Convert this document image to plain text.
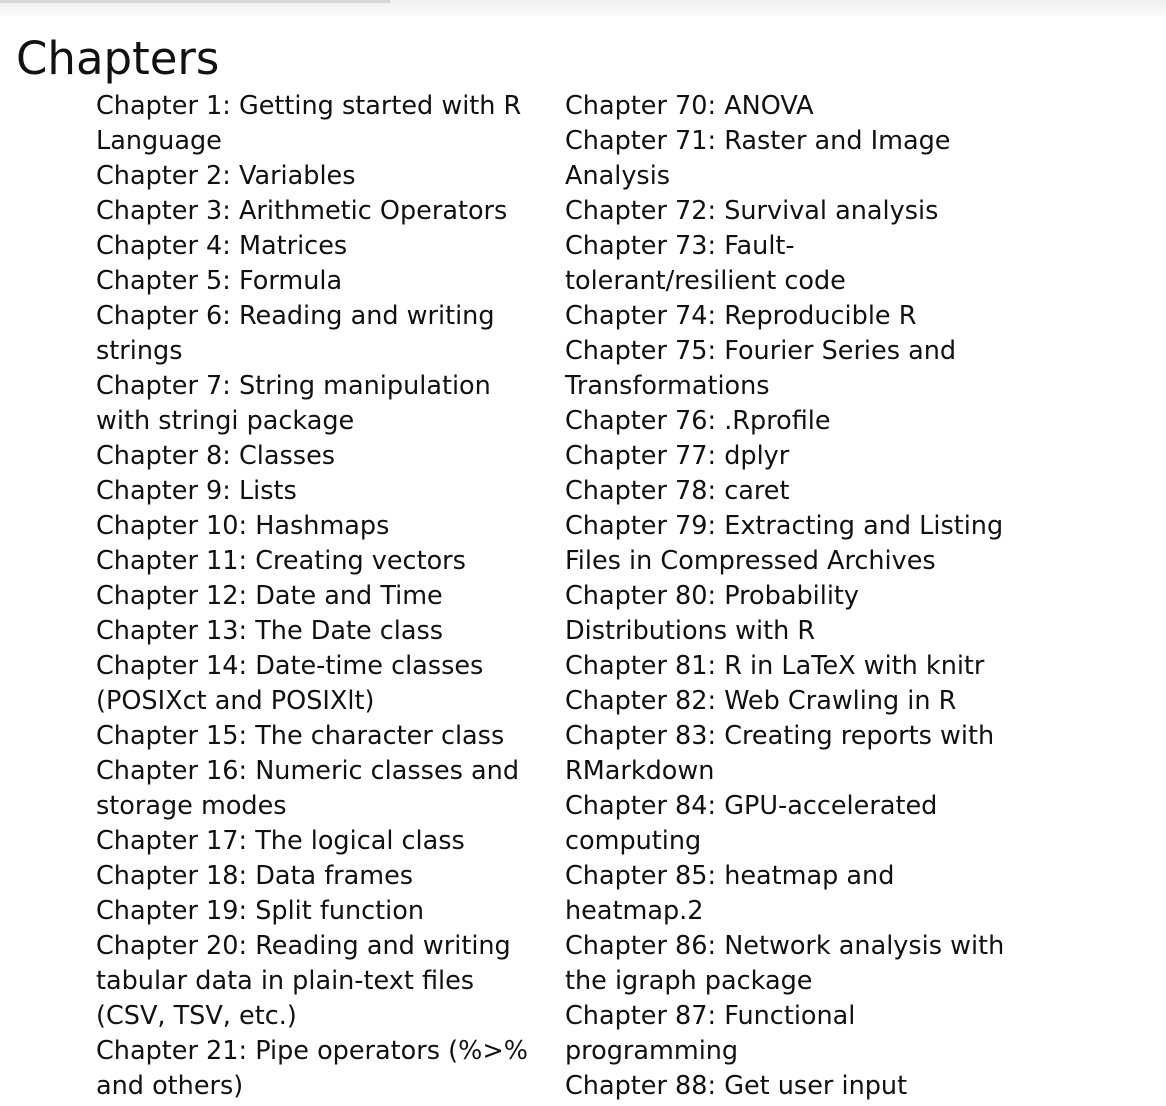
Chapters
Chapter 1: Getting started with R
Language
Chapter 2: Variables
Chapter 3: Arithmetic Operators
Chapter 4: Matrices
Chapter 5: Formula
Chapter 6: Reading and writing
strings
Chapter 7: String manipulation
with stringi package
Chapter 8: Classes
Chapter 9: Lists
Chapter 10: Hashmaps
Chapter 11: Creating vectors
Chapter 12: Date and Time
Chapter 13: The Date class
Chapter 14: Date-time classes
(POSIXct and POSIXlt)
Chapter 15: The character class
Chapter 16: Numeric classes and
storage modes
Chapter 17: The logical class
Chapter 18: Data frames
Chapter 19: Split function
Chapter 20: Reading and writing
tabular data in plain-text files
(CSV, TSV, etc.)
Chapter 21: Pipe operators (%>%
and others)
Chapter 70: ANOVA
Chapter 71: Raster and Image
Analysis
Chapter 72: Survival analysis
Chapter 73: Fault-
tolerant/resilient code
Chapter 74: Reproducible R
Chapter 75: Fourier Series and
Transformations
Chapter 76: .Rprofile
Chapter 77: dplyr
Chapter 78: caret
Chapter 79: Extracting and Listing
Files in Compressed Archives
Chapter 80: Probability
Distributions with R
Chapter 81: R in LaTeX with knitr
Chapter 82: Web Crawling in R
Chapter 83: Creating reports with
RMarkdown
Chapter 84: GPU-accelerated
computing
Chapter 85: heatmap and
heatmap.2
Chapter 86: Network analysis with
the igraph package
Chapter 87: Functional
programming
Chapter 88: Get user input
